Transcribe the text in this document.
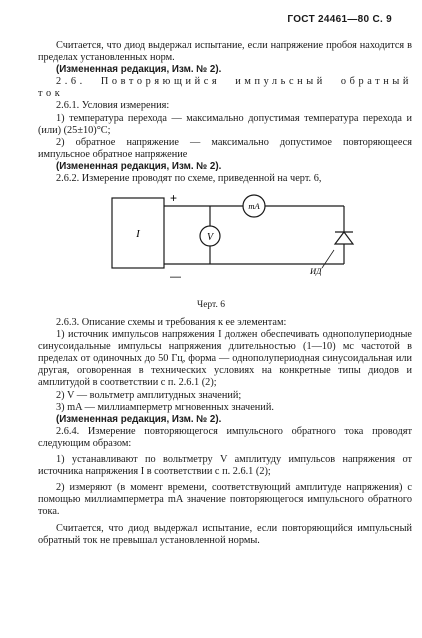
ГОСТ 24461—80 С. 9

Считается, что диод выдержал испытание, если напряжение пробоя находится в пределах установленных норм.

(Измененная редакция, Изм. № 2).

2.6. Повторяющийся импульсный обратный ток

2.6.1. Условия измерения:

1) температура перехода — максимально допустимая температура перехода и (или) (25±10)°С;

2) обратное напряжение — максимально допустимое повторяющееся импульсное обратное напряжение

(Измененная редакция, Изм. № 2).

2.6.2. Измерение проводят по схеме, приведенной на черт. 6,

I
+
—
V
mA
ИД
Черт. 6

2.6.3. Описание схемы и требования к ее элементам:

1) источник импульсов напряжения I должен обеспечивать однополупериодные синусоидальные импульсы напряжения длительностью (1—10) мс частотой в пределах от одиночных до 50 Гц, форма — однополупериодная синусоидальная или другая, оговоренная в технических условиях на конкретные типы диодов и амплитудой в соответствии с п. 2.6.1 (2);

2) V — вольтметр амплитудных значений;

3) mA — миллиамперметр мгновенных значений.

(Измененная редакция, Изм. № 2).

2.6.4. Измерение повторяющегося импульсного обратного тока проводят следующим образом:

1) устанавливают по вольтметру V амплитуду импульсов напряжения от источника напряжения I в соответствии с п. 2.6.1 (2);

2) измеряют (в момент времени, соответствующий амплитуде напряжения) с помощью миллиамперметра mA значение повторяющегося импульсного обратного тока.

Считается, что диод выдержал испытание, если повторяющийся импульсный обратный ток не превышал установленной нормы.
